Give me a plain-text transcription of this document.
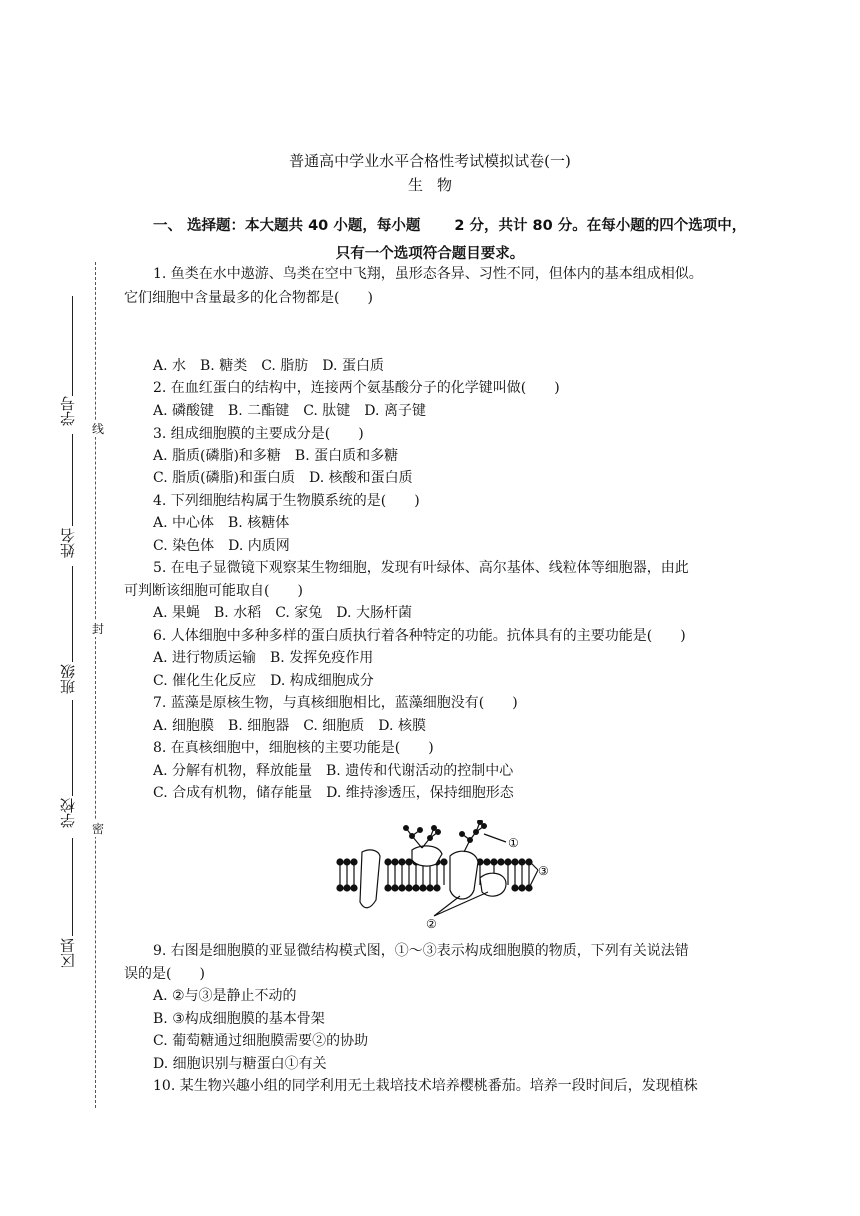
普通高中学业水平合格性考试模拟试卷(一)
生物
一、 选择题：本大题共 40 小题，每小题　　 2 分，共计 80 分。在每小题的四个选项中，
只有一个选项符合题目要求。
学号
姓名
班级
学校
区县
线
封
密
1. 鱼类在水中遨游、鸟类在空中飞翔，虽形态各异、习性不同，但体内的基本组成相似。
它们细胞中含量最多的化合物都是(　　)
A. 水　B. 糖类　C. 脂肪　D. 蛋白质
2. 在血红蛋白的结构中，连接两个氨基酸分子的化学键叫做(　　)
A. 磷酸键　B. 二酯键　C. 肽键　D. 离子键
3. 组成细胞膜的主要成分是(　　)
A. 脂质(磷脂)和多糖　B. 蛋白质和多糖
C. 脂质(磷脂)和蛋白质　D. 核酸和蛋白质
4. 下列细胞结构属于生物膜系统的是(　　)
A. 中心体　B. 核糖体
C. 染色体　D. 内质网
5. 在电子显微镜下观察某生物细胞，发现有叶绿体、高尔基体、线粒体等细胞器，由此
可判断该细胞可能取自(　　)
A. 果蝇　B. 水稻　C. 家兔　D. 大肠杆菌
6. 人体细胞中多种多样的蛋白质执行着各种特定的功能。抗体具有的主要功能是(　　)
A. 进行物质运输　B. 发挥免疫作用
C. 催化生化反应　D. 构成细胞成分
7. 蓝藻是原核生物，与真核细胞相比，蓝藻细胞没有(　　)
A. 细胞膜　B. 细胞器　C. 细胞质　D. 核膜
8. 在真核细胞中，细胞核的主要功能是(　　)
A. 分解有机物，释放能量　B. 遗传和代谢活动的控制中心
C. 合成有机物，储存能量　D. 维持渗透压，保持细胞形态
①
③
②
9. 右图是细胞膜的亚显微结构模式图，①～③表示构成细胞膜的物质，下列有关说法错
误的是(　　)
A. ②与③是静止不动的
B. ③构成细胞膜的基本骨架
C. 葡萄糖通过细胞膜需要②的协助
D. 细胞识别与糖蛋白①有关
10. 某生物兴趣小组的同学利用无土栽培技术培养樱桃番茄。培养一段时间后，发现植株
